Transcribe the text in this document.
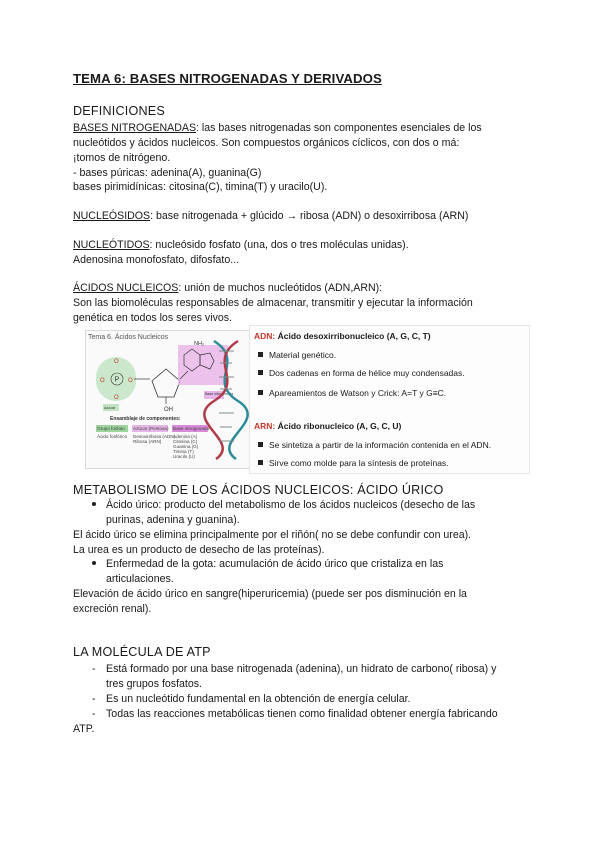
TEMA 6: BASES NITROGENADAS Y DERIVADOS
DEFINICIONES
BASES NITROGENADAS: las bases nitrogenadas son componentes esenciales de los
nucleótidos y ácidos nucleicos. Son compuestos orgánicos cíclicos, con dos o má:
¡tomos de nitrógeno.
- bases púricas: adenina(A), guanina(G)
bases pirimidínicas: citosina(C), timina(T) y uracilo(U).
NUCLEÓSIDOS: base nitrogenada + glúcido → ribosa (ADN) o desoxirribosa (ARN)
NUCLEÓTIDOS: nucleósido fosfato (una, dos o tres moléculas unidas).
Adenosina monofosfato, difosfato...
ÁCIDOS NUCLEICOS: unión de muchos nucleótidos (ADN,ARN):
Son las biomoléculas responsables de almacenar, transmitir y ejecutar la información
genética en todos los seres vivos.
Tema 6. Ácidos Nucleicos
P
O
O
O	O
OH
NH₂
Base nitrogenada
Azúcar
Ensamblaje de componentes:
Grupo fosfato Azúcar (Pentosa) Base nitrogenada
Ácido fosfórico Desoxirribosa (ADN)
Ribosa (ARN)
Adenina (A)
Citosina (C)
Guanina (G)
Timina (T)
Uracilo (U)
ADN: Ácido desoxirribonucleico (A, G, C, T)
Material genético.
Dos cadenas en forma de hélice muy condensadas.
Apareamientos de Watson y Crick: A=T y G≡C.
ARN: Ácido ribonucleico (A, G, C, U)
Se sintetiza a partir de la información contenida en el ADN.
Sirve como molde para la síntesis de proteínas.
METABOLISMO DE LOS ÁCIDOS NUCLEICOS: ÁCIDO ÚRICO
Ácido úrico: producto del metabolismo de los ácidos nucleicos (desecho de las
purinas, adenina y guanina).
El ácido úrico se elimina principalmente por el riñón( no se debe confundir con urea).
La urea es un producto de desecho de las proteínas).
Enfermedad de la gota: acumulación de ácido úrico que cristaliza en las
articulaciones.
Elevación de ácido úrico en sangre(hiperuricemia) (puede ser pos disminución en la
excreción renal).
LA MOLÉCULA DE ATP
- Está formado por una base nitrogenada (adenina), un hidrato de carbono( ribosa) y
tres grupos fosfatos.
- Es un nucleótido fundamental en la obtención de energía celular.
- Todas las reacciones metabólicas tienen como finalidad obtener energía fabricando
ATP.
